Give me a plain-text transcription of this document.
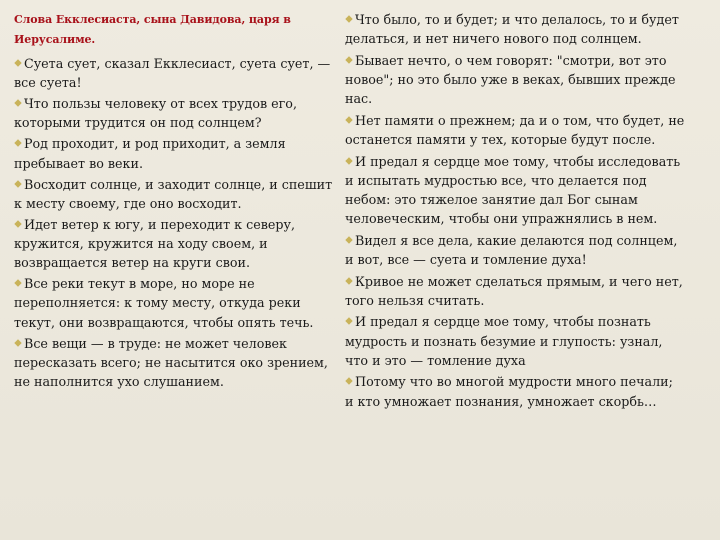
Слова Екклесиаста, сына Давидова, царя в Иерусалиме.
Суета сует, сказал Екклесиаст, суета сует, — все суета!
Что пользы человеку от всех трудов его, которыми трудится он под солнцем?
Род проходит, и род приходит, а земля пребывает во веки.
Восходит солнце, и заходит солнце, и спешит к месту своему, где оно восходит.
Идет ветер к югу, и переходит к северу, кружится, кружится на ходу своем, и возвращается ветер на круги свои.
Все реки текут в море, но море не переполняется: к тому месту, откуда реки текут, они возвращаются, чтобы опять течь.
Все вещи — в труде: не может человек пересказать всего; не насытится око зрением, не наполнится ухо слушанием.
Что было, то и будет; и что делалось, то и будет делаться, и нет ничего нового под солнцем.
Бывает нечто, о чем говорят: "смотри, вот это новое"; но это было уже в веках, бывших прежде нас.
Нет памяти о прежнем; да и о том, что будет, не останется памяти у тех, которые будут после.
И предал я сердце мое тому, чтобы исследовать и испытать мудростью все, что делается под небом: это тяжелое занятие дал Бог сынам человеческим, чтобы они упражнялись в нем.
Видел я все дела, какие делаются под солнцем, и вот, все — суета и томление духа!
Кривое не может сделаться прямым, и чего нет, того нельзя считать.
И предал я сердце мое тому, чтобы познать мудрость и познать безумие и глупость: узнал, что и это — томление духа
Потому что во многой мудрости много печали; и кто умножает познания, умножает скорбь…
